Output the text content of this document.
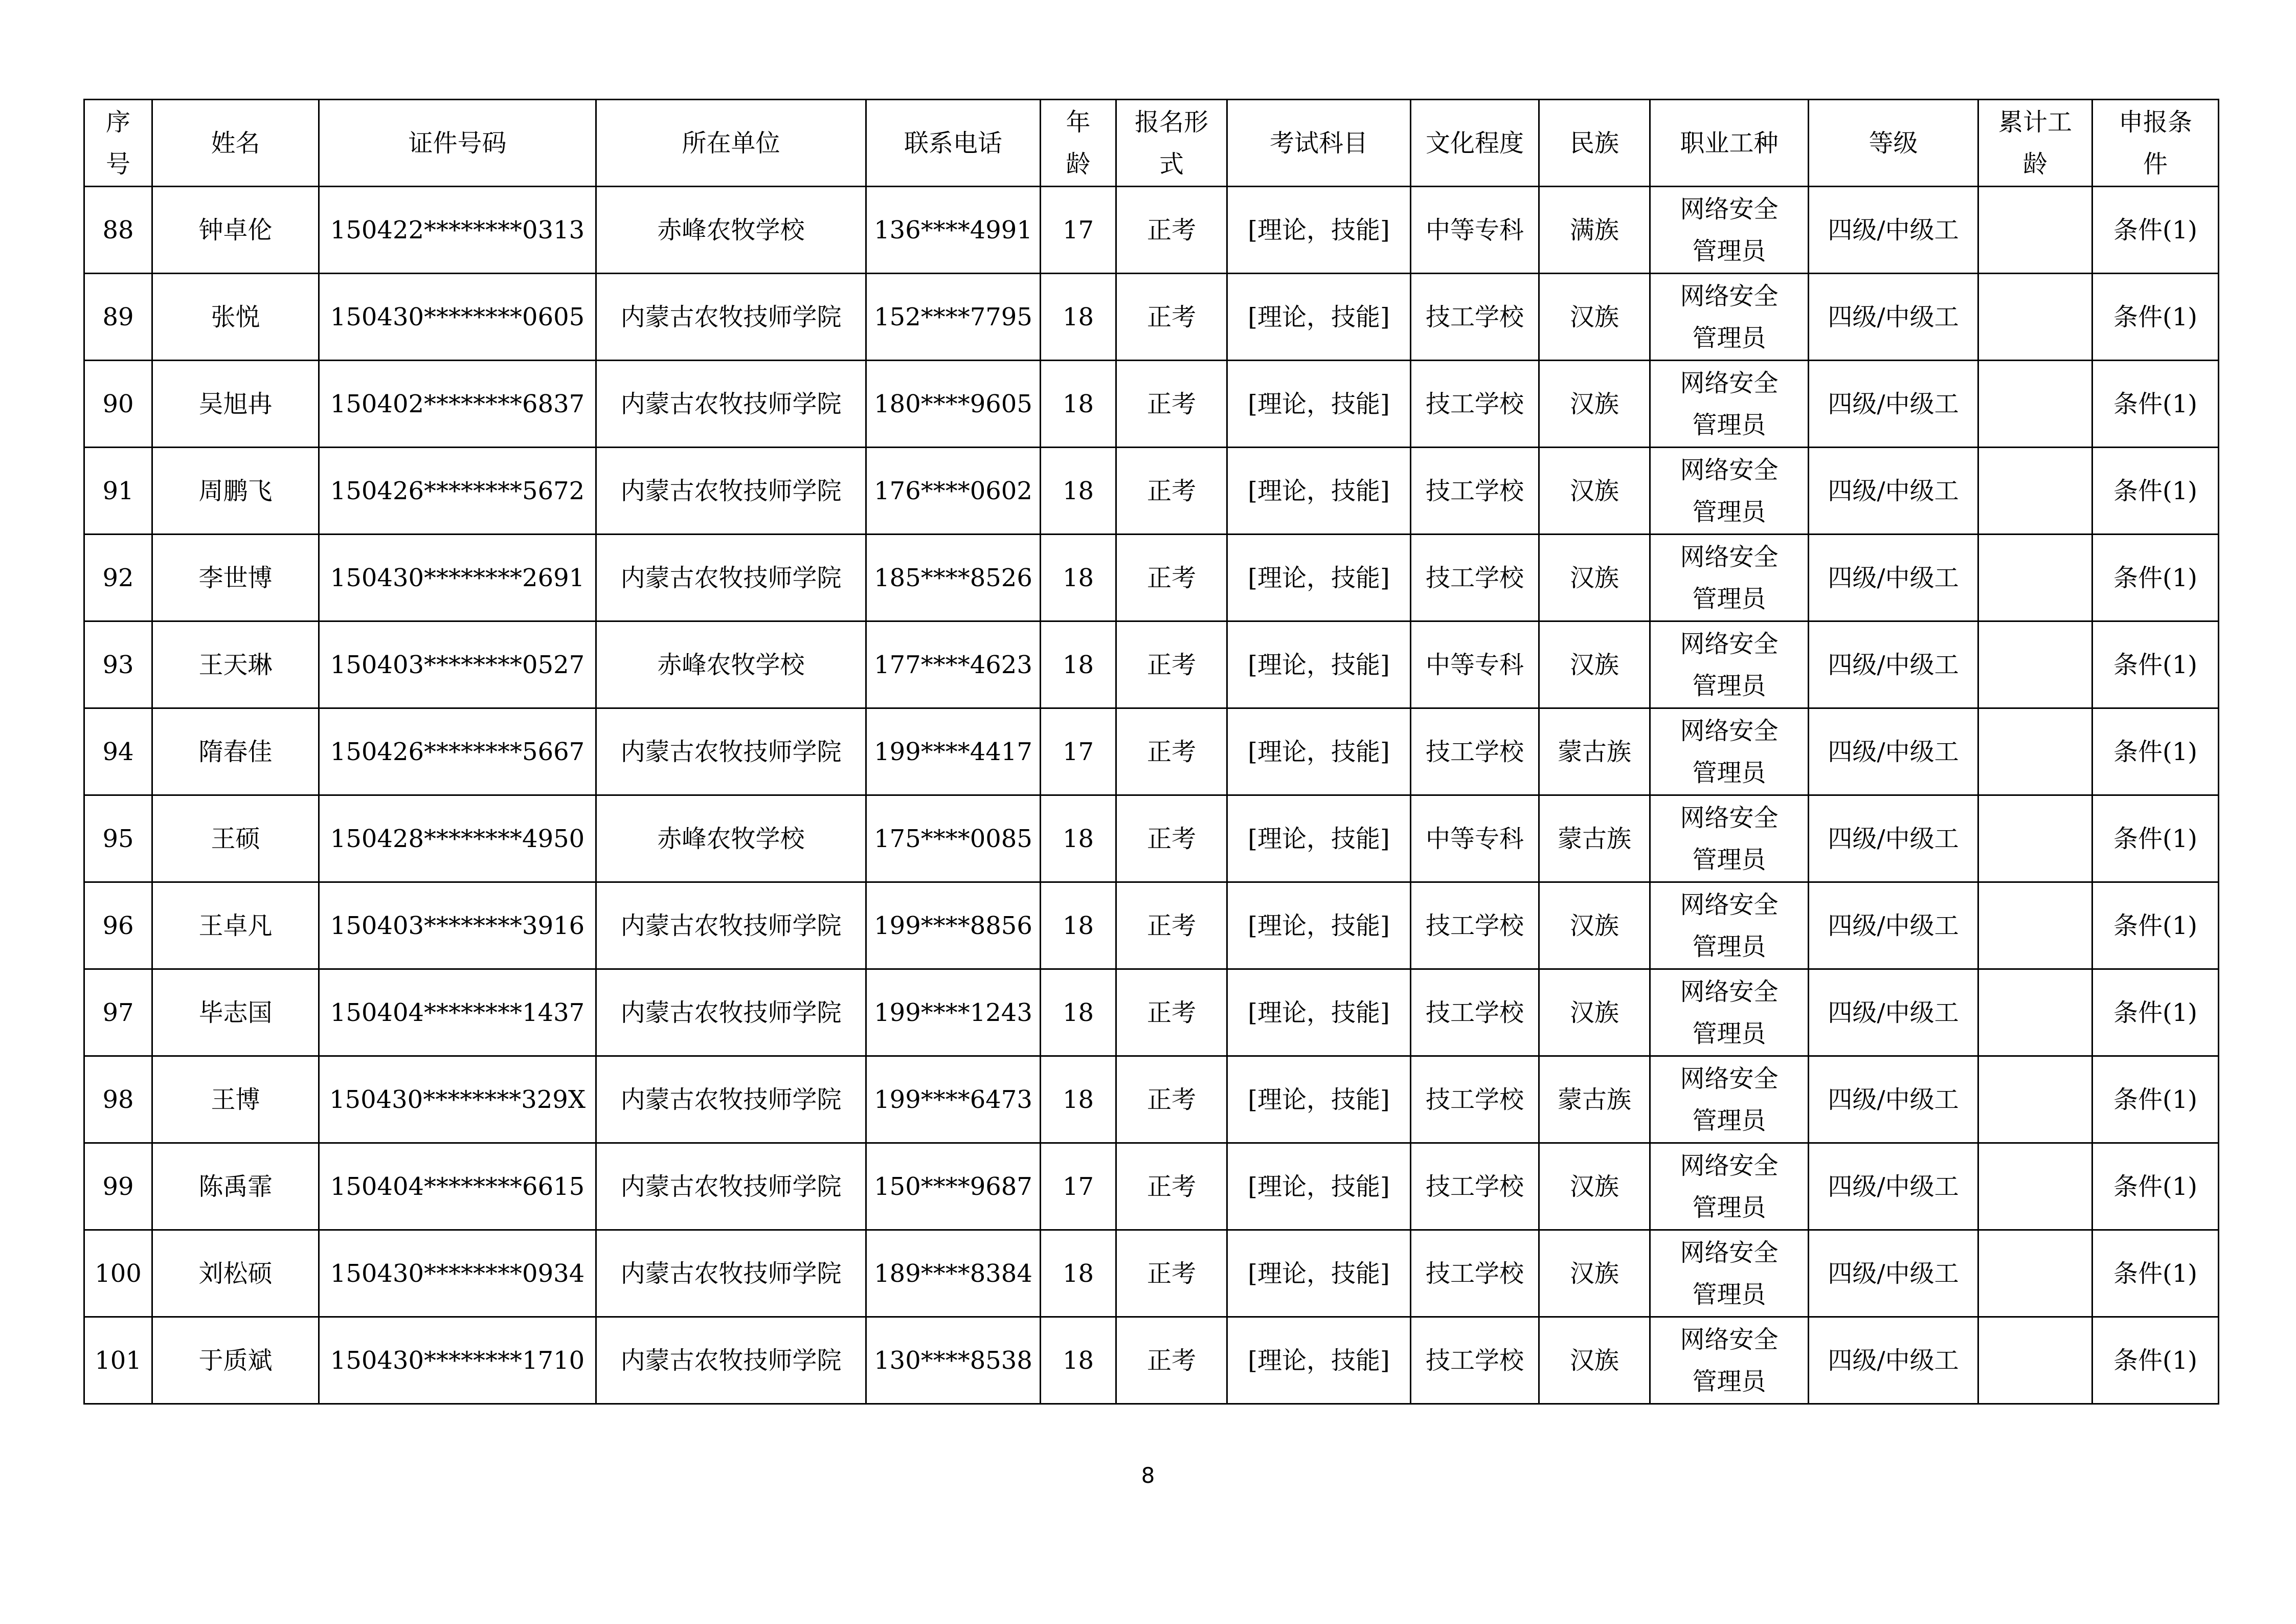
序号	姓名	证件号码	所在单位	联系电话	年龄	报名形式	考试科目	文化程度	民族	职业工种	等级	累计工龄	申报条件
88	钟卓伦	150422********0313	赤峰农牧学校	136****4991	17	正考	[理论，技能]	中等专科	满族	网络安全管理员	四级/中级工		条件(1)
89	张悦	150430********0605	内蒙古农牧技师学院	152****7795	18	正考	[理论，技能]	技工学校	汉族	网络安全管理员	四级/中级工		条件(1)
90	吴旭冉	150402********6837	内蒙古农牧技师学院	180****9605	18	正考	[理论，技能]	技工学校	汉族	网络安全管理员	四级/中级工		条件(1)
91	周鹏飞	150426********5672	内蒙古农牧技师学院	176****0602	18	正考	[理论，技能]	技工学校	汉族	网络安全管理员	四级/中级工		条件(1)
92	李世博	150430********2691	内蒙古农牧技师学院	185****8526	18	正考	[理论，技能]	技工学校	汉族	网络安全管理员	四级/中级工		条件(1)
93	王天琳	150403********0527	赤峰农牧学校	177****4623	18	正考	[理论，技能]	中等专科	汉族	网络安全管理员	四级/中级工		条件(1)
94	隋春佳	150426********5667	内蒙古农牧技师学院	199****4417	17	正考	[理论，技能]	技工学校	蒙古族	网络安全管理员	四级/中级工		条件(1)
95	王硕	150428********4950	赤峰农牧学校	175****0085	18	正考	[理论，技能]	中等专科	蒙古族	网络安全管理员	四级/中级工		条件(1)
96	王卓凡	150403********3916	内蒙古农牧技师学院	199****8856	18	正考	[理论，技能]	技工学校	汉族	网络安全管理员	四级/中级工		条件(1)
97	毕志国	150404********1437	内蒙古农牧技师学院	199****1243	18	正考	[理论，技能]	技工学校	汉族	网络安全管理员	四级/中级工		条件(1)
98	王博	150430********329X	内蒙古农牧技师学院	199****6473	18	正考	[理论，技能]	技工学校	蒙古族	网络安全管理员	四级/中级工		条件(1)
99	陈禹霏	150404********6615	内蒙古农牧技师学院	150****9687	17	正考	[理论，技能]	技工学校	汉族	网络安全管理员	四级/中级工		条件(1)
100	刘松硕	150430********0934	内蒙古农牧技师学院	189****8384	18	正考	[理论，技能]	技工学校	汉族	网络安全管理员	四级/中级工		条件(1)
101	于质斌	150430********1710	内蒙古农牧技师学院	130****8538	18	正考	[理论，技能]	技工学校	汉族	网络安全管理员	四级/中级工		条件(1)
8
